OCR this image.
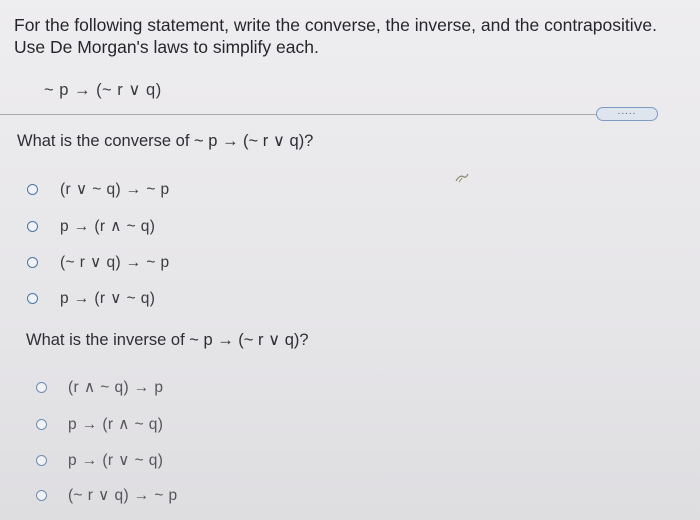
For the following statement, write the converse, the inverse, and the contrapositive.
Use De Morgan's laws to simplify each.
~ p → (~ r ∨ q)
.....
What is the converse of ~ p → (~ r ∨ q)?
(r ∨ ~ q) → ~ p
p → (r ∧ ~ q)
(~ r ∨ q) → ~ p
p → (r ∨ ~ q)
What is the inverse of ~ p → (~ r ∨ q)?
(r ∧ ~ q) → p
p → (r ∧ ~ q)
p → (r ∨ ~ q)
(~ r ∨ q) → ~ p
